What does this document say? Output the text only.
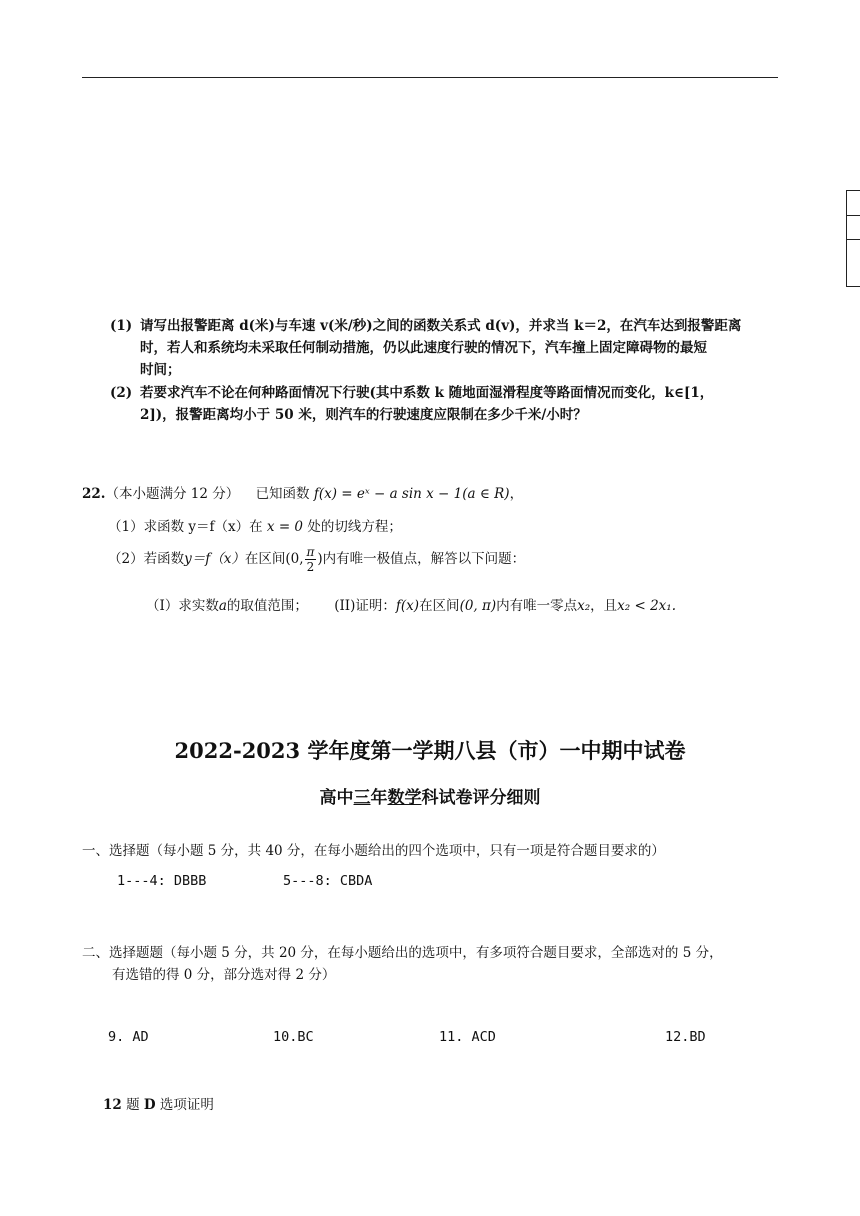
(1) 请写出报警距离 d(米)与车速 v(米/秒)之间的函数关系式 d(v)，并求当 k＝2，在汽车达到报警距离
时，若人和系统均未采取任何制动措施，仍以此速度行驶的情况下，汽车撞上固定障碍物的最短
时间；
(2) 若要求汽车不论在何种路面情况下行驶(其中系数 k 随地面湿滑程度等路面情况而变化，k∈[1，
2])，报警距离均小于 50 米，则汽车的行驶速度应限制在多少千米/小时？
22.（本小题满分 12 分） 已知函数 f(x) = eˣ − a sin x − 1(a ∈ R)，
（1）求函数 y＝f（x）在 x = 0 处的切线方程；
（2）若函数y＝f（x）在区间(0, $\frac{\pi}{2}$ )内有唯一极值点，解答以下问题：
（I）求实数a的取值范围； (II)证明：f(x)在区间(0, π)内有唯一零点x₂，且x₂ < 2x₁.
2022-2023 学年度第一学期八县（市）一中期中试卷
高中三年数学科试卷评分细则
一、选择题（每小题 5 分，共 40 分，在每小题给出的四个选项中，只有一项是符合题目要求的）
1---4: DBBB	5---8: CBDA
二、选择题题（每小题 5 分，共 20 分，在每小题给出的选项中，有多项符合题目要求，全部选对的 5 分，
有选错的得 0 分，部分选对得 2 分）
9. AD	10.BC	11. ACD	12.BD
12 题 D 选项证明
